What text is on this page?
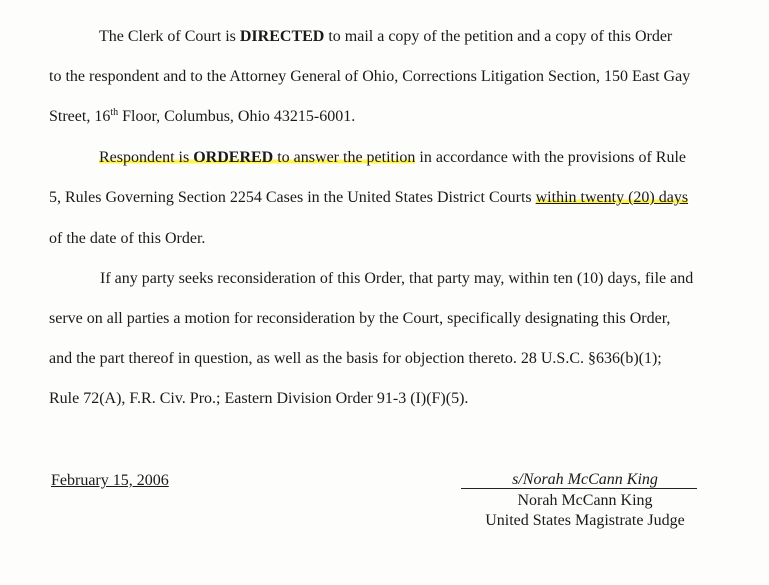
The Clerk of Court is DIRECTED to mail a copy of the petition and a copy of this Order
to the respondent and to the Attorney General of Ohio, Corrections Litigation Section, 150 East Gay
Street, 16th Floor, Columbus, Ohio 43215-6001.
Respondent is ORDERED to answer the petition in accordance with the provisions of Rule
5, Rules Governing Section 2254 Cases in the United States District Courts within twenty (20) days
of the date of this Order.
If any party seeks reconsideration of this Order, that party may, within ten (10) days, file and
serve on all parties a motion for reconsideration by the Court, specifically designating this Order,
and the part thereof in question, as well as the basis for objection thereto. 28 U.S.C. §636(b)(1);
Rule 72(A), F.R. Civ. Pro.; Eastern Division Order 91-3 (I)(F)(5).
February 15, 2006	s/Norah McCann King
Norah McCann King
United States Magistrate Judge
